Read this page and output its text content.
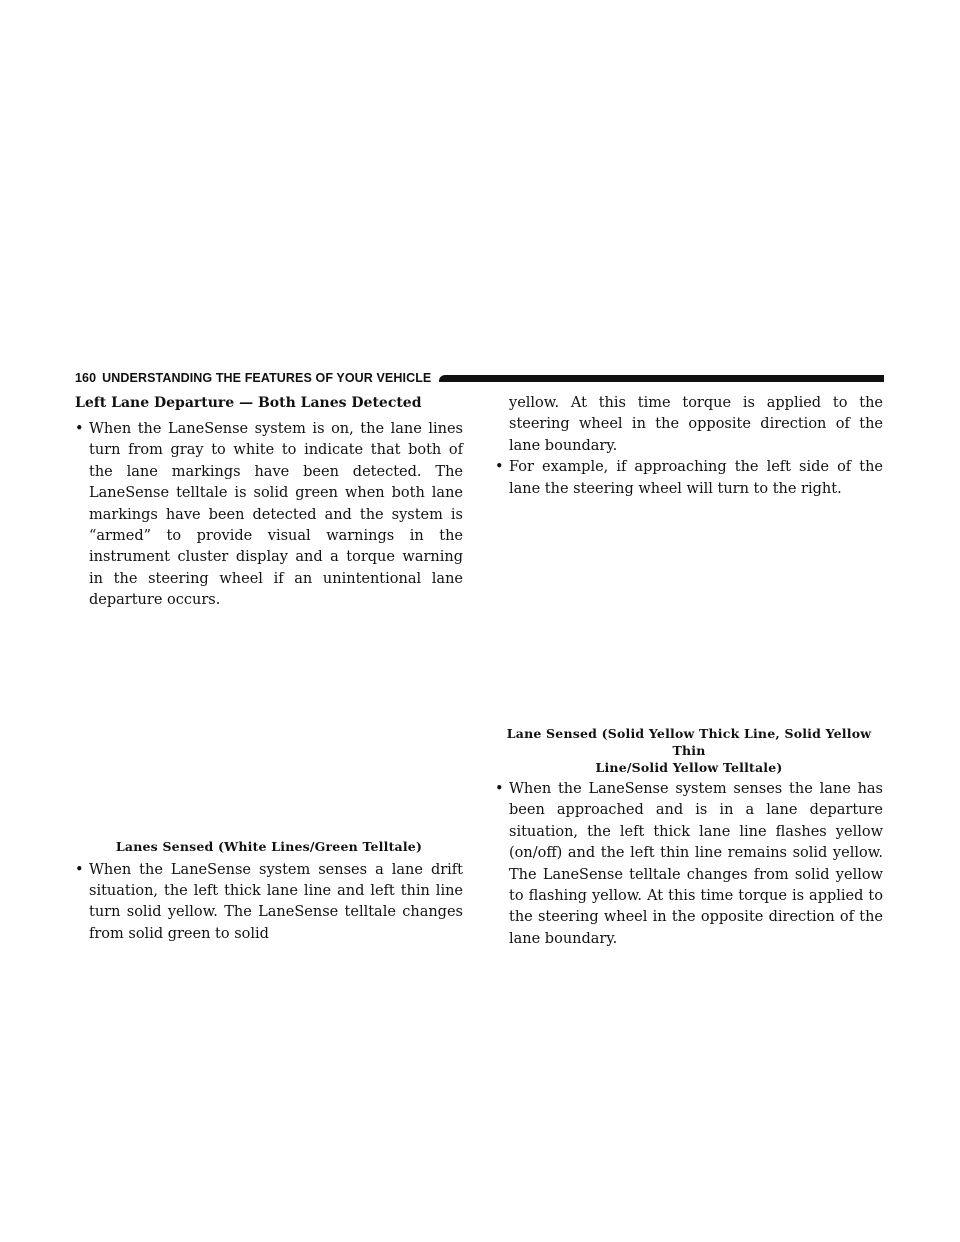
160 UNDERSTANDING THE FEATURES OF YOUR VEHICLE
Left Lane Departure — Both Lanes Detected
• When the LaneSense system is on, the lane lines turn from gray to white to indicate that both of the lane markings have been detected. The LaneSense telltale is solid green when both lane markings have been detected and the system is “armed” to provide visual warnings in the instrument cluster display and a torque warning in the steering wheel if an unintentional lane departure occurs.
Lanes Sensed (White Lines/Green Telltale)
• When the LaneSense system senses a lane drift situation, the left thick lane line and left thin line turn solid yellow. The LaneSense telltale changes from solid green to solid
yellow. At this time torque is applied to the steering wheel in the opposite direction of the lane boundary.
• For example, if approaching the left side of the lane the steering wheel will turn to the right.
Lane Sensed (Solid Yellow Thick Line, Solid Yellow Thin
Line/Solid Yellow Telltale)
• When the LaneSense system senses the lane has been approached and is in a lane departure situation, the left thick lane line flashes yellow (on/off) and the left thin line remains solid yellow. The LaneSense telltale changes from solid yellow to flashing yellow. At this time torque is applied to the steering wheel in the opposite direction of the lane boundary.
